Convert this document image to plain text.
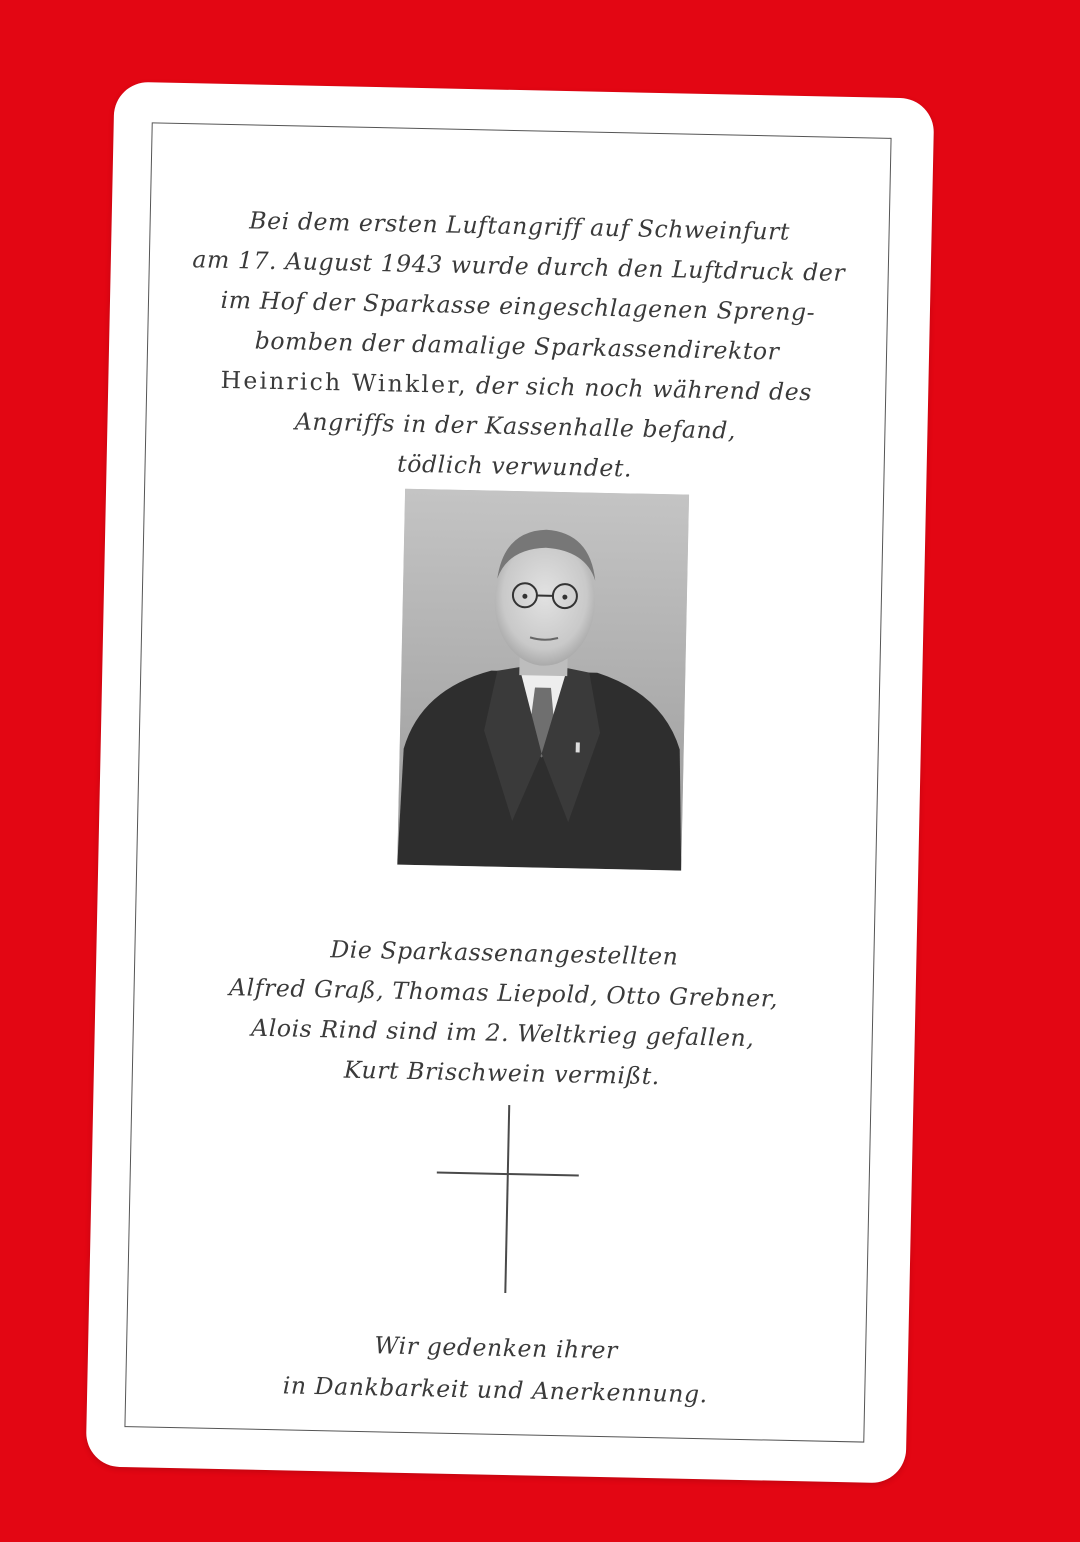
Bei dem ersten Luftangriff auf Schweinfurt
am 17. August 1943 wurde durch den Luftdruck der
im Hof der Sparkasse eingeschlagenen Spreng-
bomben der damalige Sparkassendirektor
Heinrich Winkler, der sich noch während des
Angriffs in der Kassenhalle befand,
tödlich verwundet.
Die Sparkassenangestellten
Alfred Graß, Thomas Liepold, Otto Grebner,
Alois Rind sind im 2. Weltkrieg gefallen,
Kurt Brischwein vermißt.
Wir gedenken ihrer
in Dankbarkeit und Anerkennung.
